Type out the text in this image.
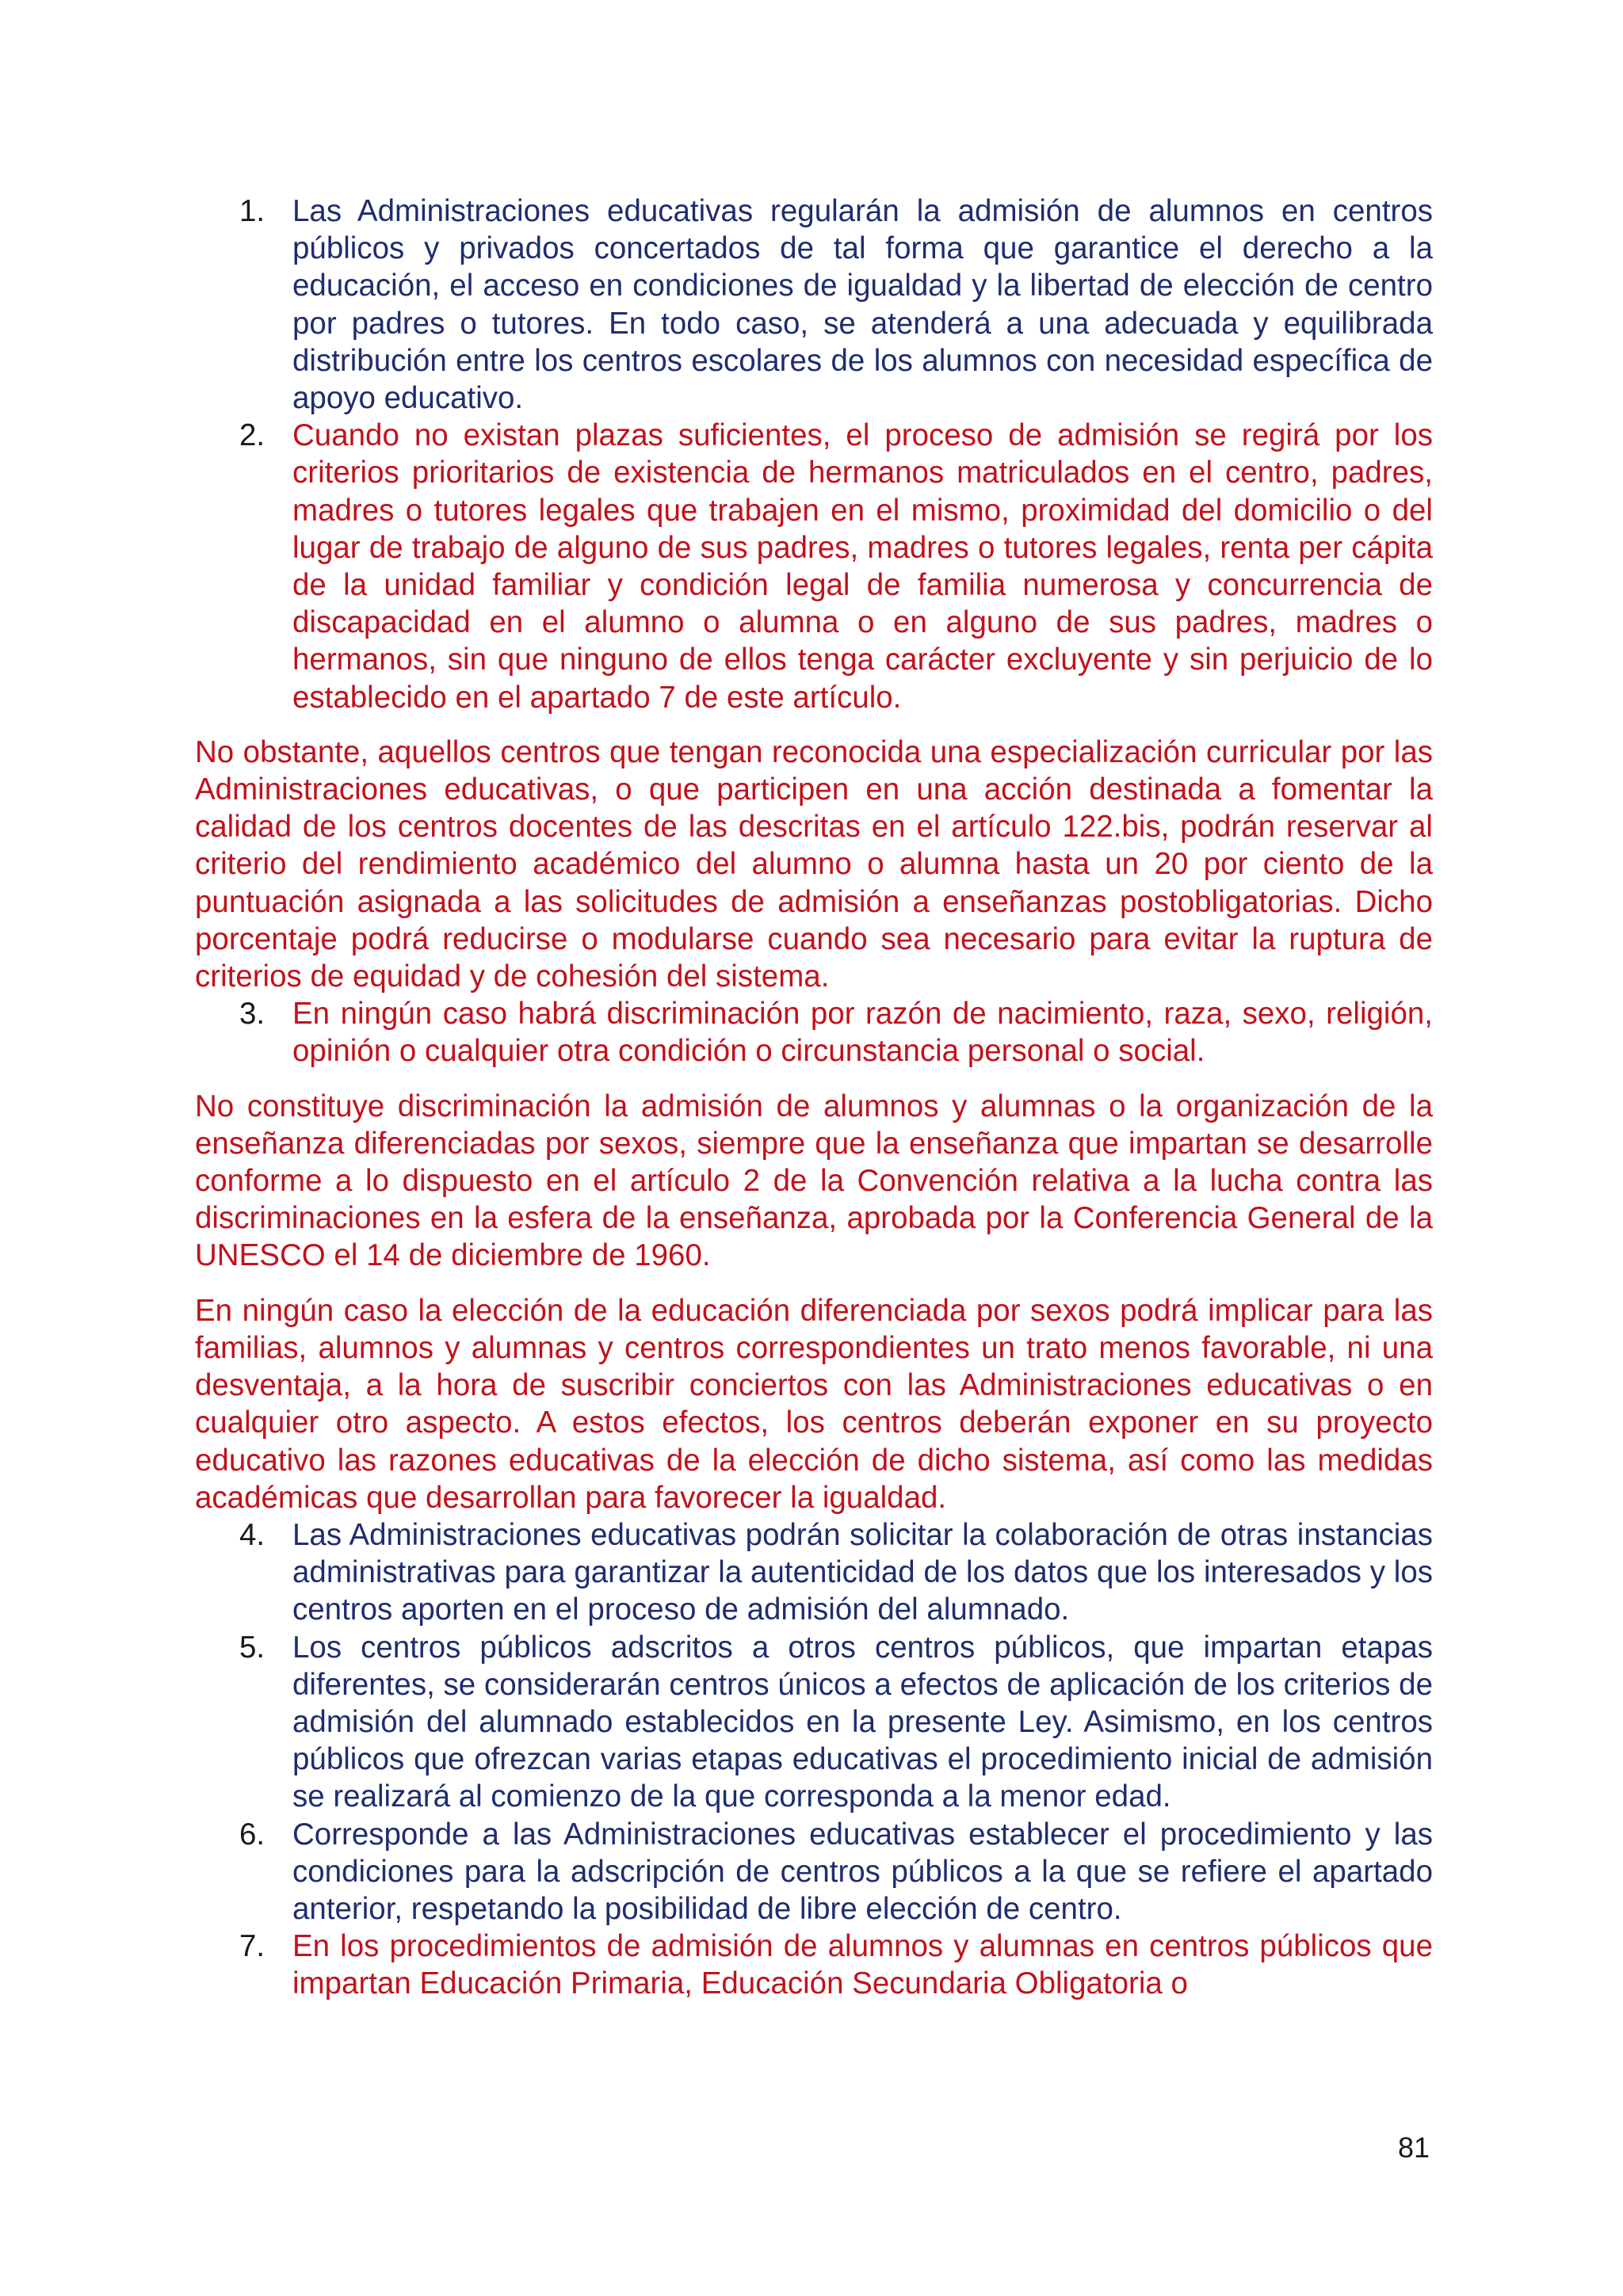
1. Las Administraciones educativas regularán la admisión de alumnos en centros públicos y privados concertados de tal forma que garantice el derecho a la educación, el acceso en condiciones de igualdad y la libertad de elección de centro por padres o tutores. En todo caso, se atenderá a una adecuada y equilibrada distribución entre los centros escolares de los alumnos con necesidad específica de apoyo educativo.
2. Cuando no existan plazas suficientes, el proceso de admisión se regirá por los criterios prioritarios de existencia de hermanos matriculados en el centro, padres, madres o tutores legales que trabajen en el mismo, proximidad del domicilio o del lugar de trabajo de alguno de sus padres, madres o tutores legales, renta per cápita de la unidad familiar y condición legal de familia numerosa y concurrencia de discapacidad en el alumno o alumna o en alguno de sus padres, madres o hermanos, sin que ninguno de ellos tenga carácter excluyente y sin perjuicio de lo establecido en el apartado 7 de este artículo.

No obstante, aquellos centros que tengan reconocida una especialización curricular por las Administraciones educativas, o que participen en una acción destinada a fomentar la calidad de los centros docentes de las descritas en el artículo 122.bis, podrán reservar al criterio del rendimiento académico del alumno o alumna hasta un 20 por ciento de la puntuación asignada a las solicitudes de admisión a enseñanzas postobligatorias. Dicho porcentaje podrá reducirse o modularse cuando sea necesario para evitar la ruptura de criterios de equidad y de cohesión del sistema.

3. En ningún caso habrá discriminación por razón de nacimiento, raza, sexo, religión, opinión o cualquier otra condición o circunstancia personal o social.

No constituye discriminación la admisión de alumnos y alumnas o la organización de la enseñanza diferenciadas por sexos, siempre que la enseñanza que impartan se desarrolle conforme a lo dispuesto en el artículo 2 de la Convención relativa a la lucha contra las discriminaciones en la esfera de la enseñanza, aprobada por la Conferencia General de la UNESCO el 14 de diciembre de 1960.

En ningún caso la elección de la educación diferenciada por sexos podrá implicar para las familias, alumnos y alumnas y centros correspondientes un trato menos favorable, ni una desventaja, a la hora de suscribir conciertos con las Administraciones educativas o en cualquier otro aspecto. A estos efectos, los centros deberán exponer en su proyecto educativo las razones educativas de la elección de dicho sistema, así como las medidas académicas que desarrollan para favorecer la igualdad.

4. Las Administraciones educativas podrán solicitar la colaboración de otras instancias administrativas para garantizar la autenticidad de los datos que los interesados y los centros aporten en el proceso de admisión del alumnado.
5. Los centros públicos adscritos a otros centros públicos, que impartan etapas diferentes, se considerarán centros únicos a efectos de aplicación de los criterios de admisión del alumnado establecidos en la presente Ley. Asimismo, en los centros públicos que ofrezcan varias etapas educativas el procedimiento inicial de admisión se realizará al comienzo de la que corresponda a la menor edad.
6. Corresponde a las Administraciones educativas establecer el procedimiento y las condiciones para la adscripción de centros públicos a la que se refiere el apartado anterior, respetando la posibilidad de libre elección de centro.
7. En los procedimientos de admisión de alumnos y alumnas en centros públicos que impartan Educación Primaria, Educación Secundaria Obligatoria o
81
